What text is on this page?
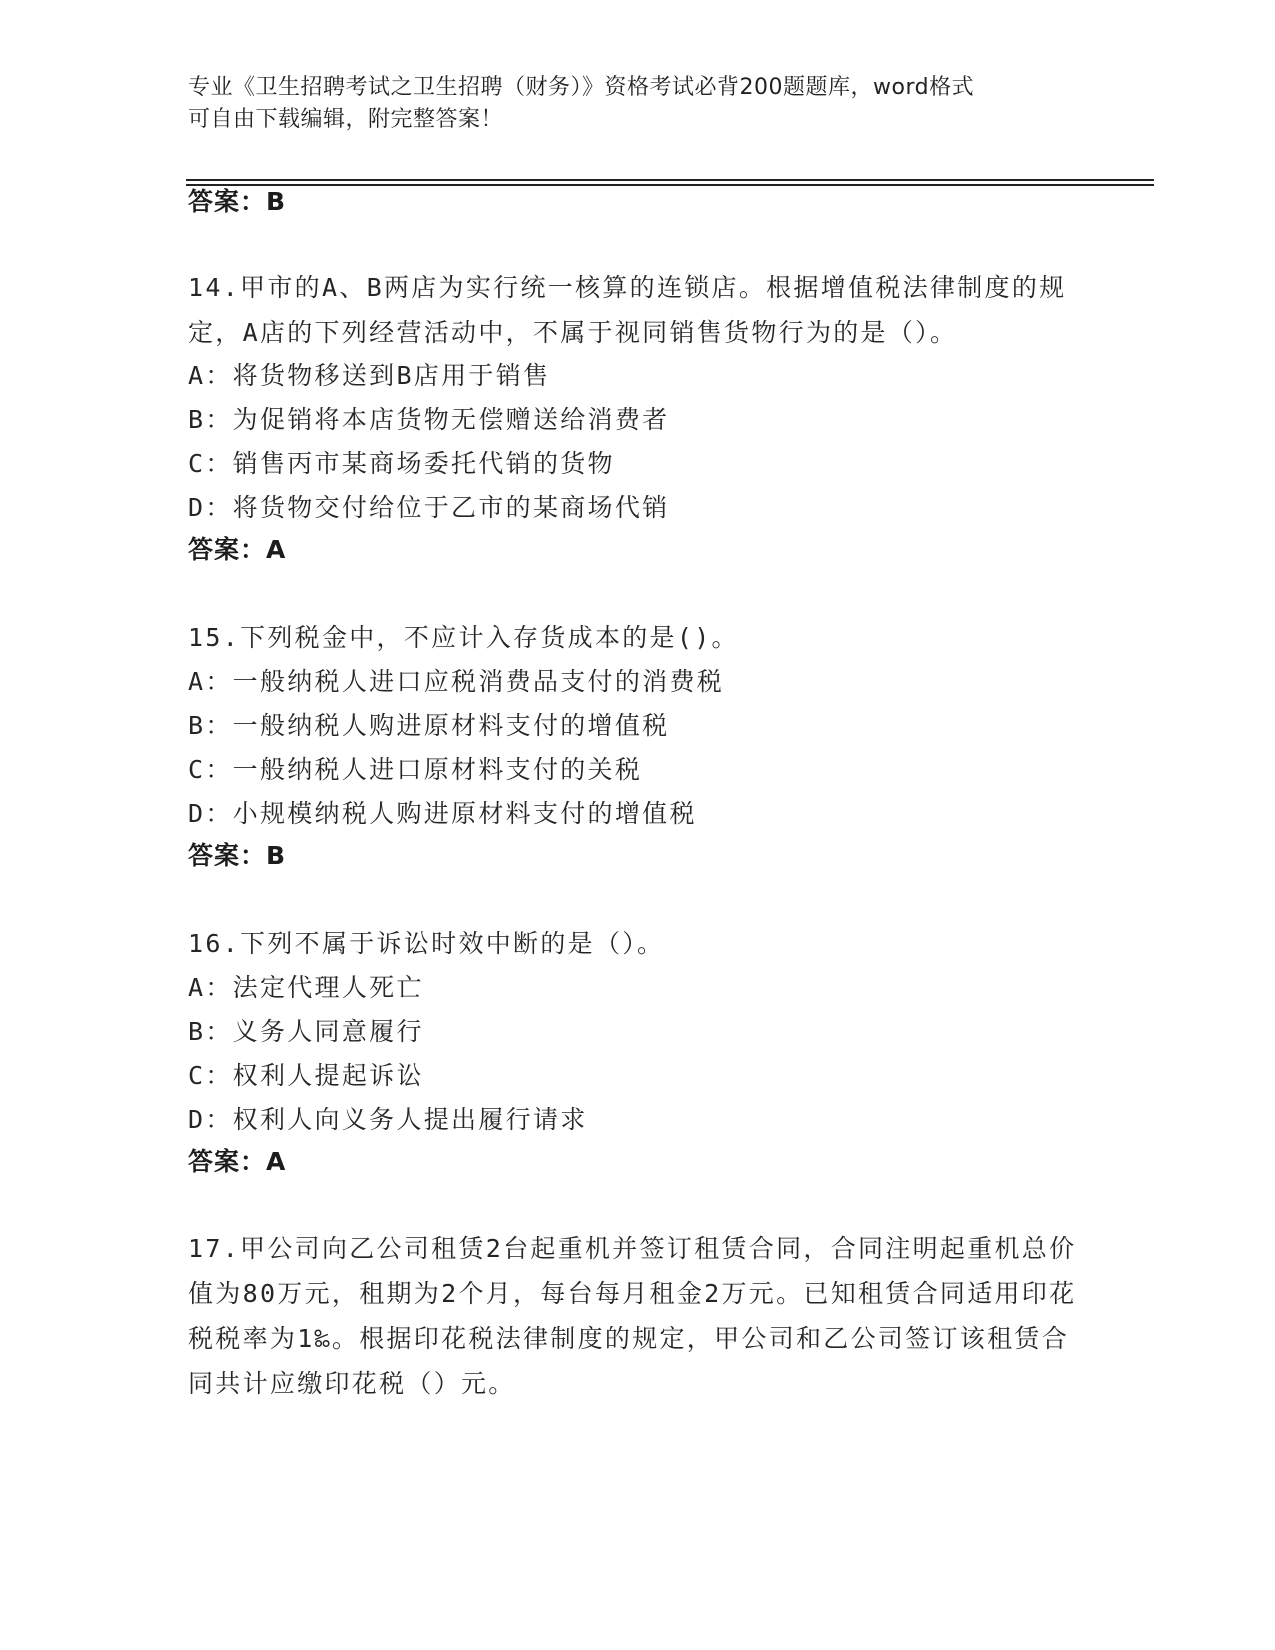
专业《卫生招聘考试之卫生招聘（财务）》资格考试必背200题题库，word格式
可自由下载编辑，附完整答案！
答案：B
14.甲市的A、B两店为实行统一核算的连锁店。根据增值税法律制度的规定，A店的下列经营活动中，不属于视同销售货物行为的是（）。
A：将货物移送到B店用于销售
B：为促销将本店货物无偿赠送给消费者
C：销售丙市某商场委托代销的货物
D：将货物交付给位于乙市的某商场代销
答案：A
15.下列税金中，不应计入存货成本的是()。
A：一般纳税人进口应税消费品支付的消费税
B：一般纳税人购进原材料支付的增值税
C：一般纳税人进口原材料支付的关税
D：小规模纳税人购进原材料支付的增值税
答案：B
16.下列不属于诉讼时效中断的是（）。
A：法定代理人死亡
B：义务人同意履行
C：权利人提起诉讼
D：权利人向义务人提出履行请求
答案：A
17.甲公司向乙公司租赁2台起重机并签订租赁合同，合同注明起重机总价值为80万元，租期为2个月，每台每月租金2万元。已知租赁合同适用印花税税率为1‰。根据印花税法律制度的规定，甲公司和乙公司签订该租赁合同共计应缴印花税（）元。
